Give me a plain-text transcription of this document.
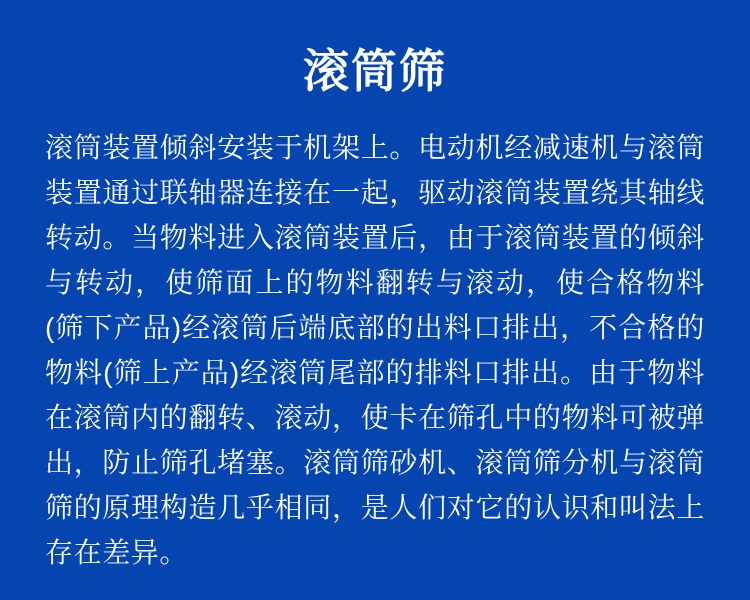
滚筒筛

滚筒装置倾斜安装于机架上。电动机经减速机与滚筒装置通过联轴器连接在一起，驱动滚筒装置绕其轴线转动。当物料进入滚筒装置后，由于滚筒装置的倾斜与转动，使筛面上的物料翻转与滚动，使合格物料(筛下产品)经滚筒后端底部的出料口排出，不合格的物料(筛上产品)经滚筒尾部的排料口排出。由于物料在滚筒内的翻转、滚动，使卡在筛孔中的物料可被弹出，防止筛孔堵塞。滚筒筛砂机、滚筒筛分机与滚筒筛的原理构造几乎相同，是人们对它的认识和叫法上存在差异。
